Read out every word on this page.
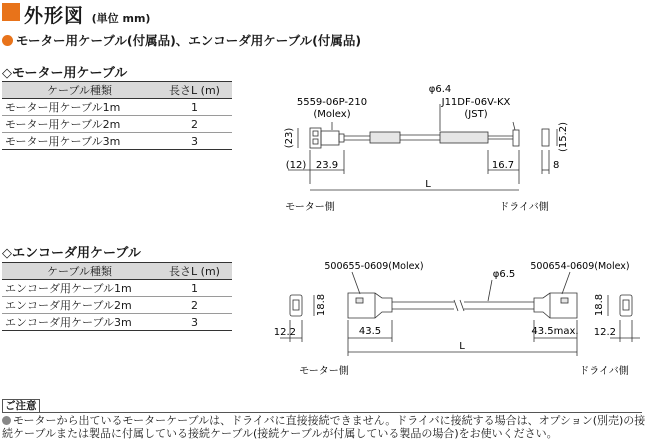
外形図 (単位 mm)
モーター用ケーブル(付属品)、エンコーダ用ケーブル(付属品)
◇モーター用ケーブル
ケーブル種類	長さL (m)
モーター用ケーブル1m	1
モーター用ケーブル2m	2
モーター用ケーブル3m	3
5559-06P-210
(Molex)
φ6.4
J11DF-06V-KX
(JST)
(23)	(15.2)
(12) 23.9	16.7	8
L
モーター側	ドライバ側
◇エンコーダ用ケーブル
ケーブル種類	長さL (m)
エンコーダ用ケーブル1m	1
エンコーダ用ケーブル2m	2
エンコーダ用ケーブル3m	3
500655-0609(Molex)
φ6.5
500654-0609(Molex)
18.8	18.8
12.2	43.5	43.5max. 12.2
L
モーター側	ドライバ側
ご注意
モーターから出ているモーターケーブルは、ドライバに直接接続できません。ドライバに接続する場合は、オプション(別売)の接続ケーブルまたは製品に付属している接続ケーブル(接続ケーブルが付属している製品の場合)をお使いください。
